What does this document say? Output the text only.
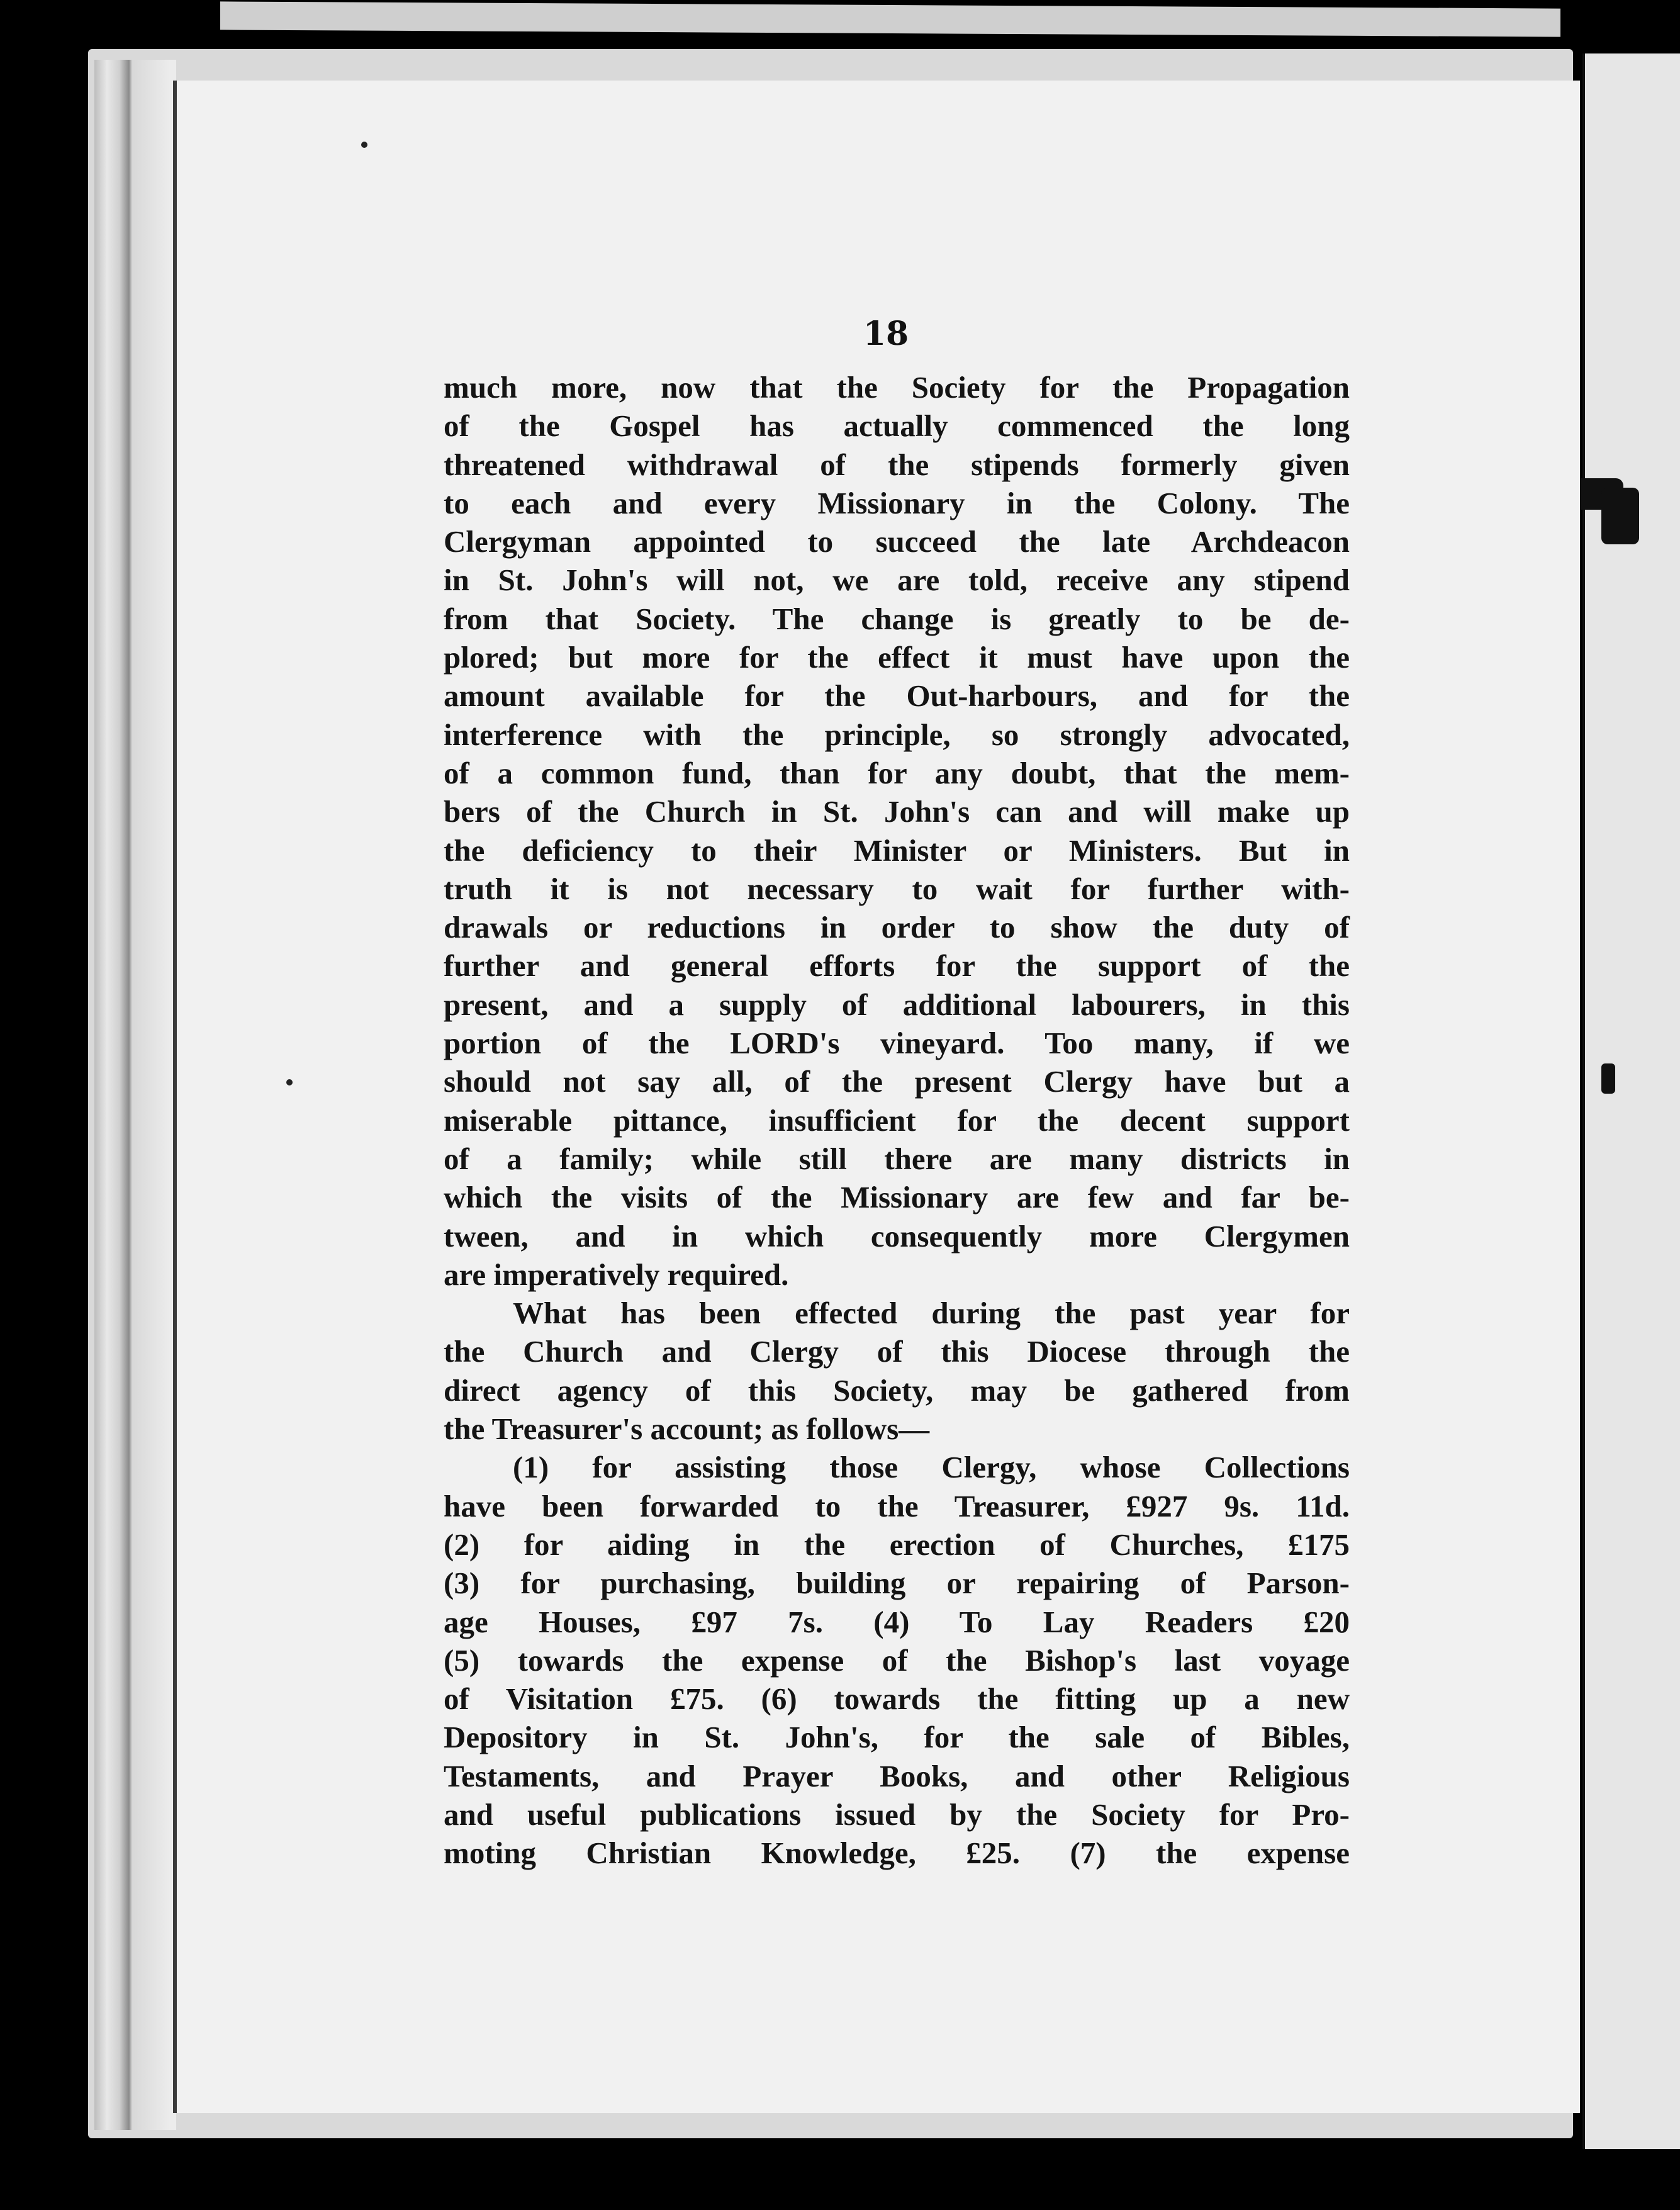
18
much more, now that the Society for the Propagation
of the Gospel has actually commenced the long
threatened withdrawal of the stipends formerly given
to each and every Missionary in the Colony. The
Clergyman appointed to succeed the late Archdeacon
in St. John's will not, we are told, receive any stipend
from that Society. The change is greatly to be de-
plored; but more for the effect it must have upon the
amount available for the Out-harbours, and for the
interference with the principle, so strongly advocated,
of a common fund, than for any doubt, that the mem-
bers of the Church in St. John's can and will make up
the deficiency to their Minister or Ministers. But in
truth it is not necessary to wait for further with-
drawals or reductions in order to show the duty of
further and general efforts for the support of the
present, and a supply of additional labourers, in this
portion of the LORD's vineyard. Too many, if we
should not say all, of the present Clergy have but a
miserable pittance, insufficient for the decent support
of a family; while still there are many districts in
which the visits of the Missionary are few and far be-
tween, and in which consequently more Clergymen
are imperatively required.
What has been effected during the past year for
the Church and Clergy of this Diocese through the
direct agency of this Society, may be gathered from
the Treasurer's account; as follows—
(1) for assisting those Clergy, whose Collections
have been forwarded to the Treasurer, £927 9s. 11d.
(2) for aiding in the erection of Churches, £175
(3) for purchasing, building or repairing of Parson-
age Houses, £97 7s. (4) To Lay Readers £20
(5) towards the expense of the Bishop's last voyage
of Visitation £75. (6) towards the fitting up a new
Depository in St. John's, for the sale of Bibles,
Testaments, and Prayer Books, and other Religious
and useful publications issued by the Society for Pro-
moting Christian Knowledge, £25. (7) the expense
